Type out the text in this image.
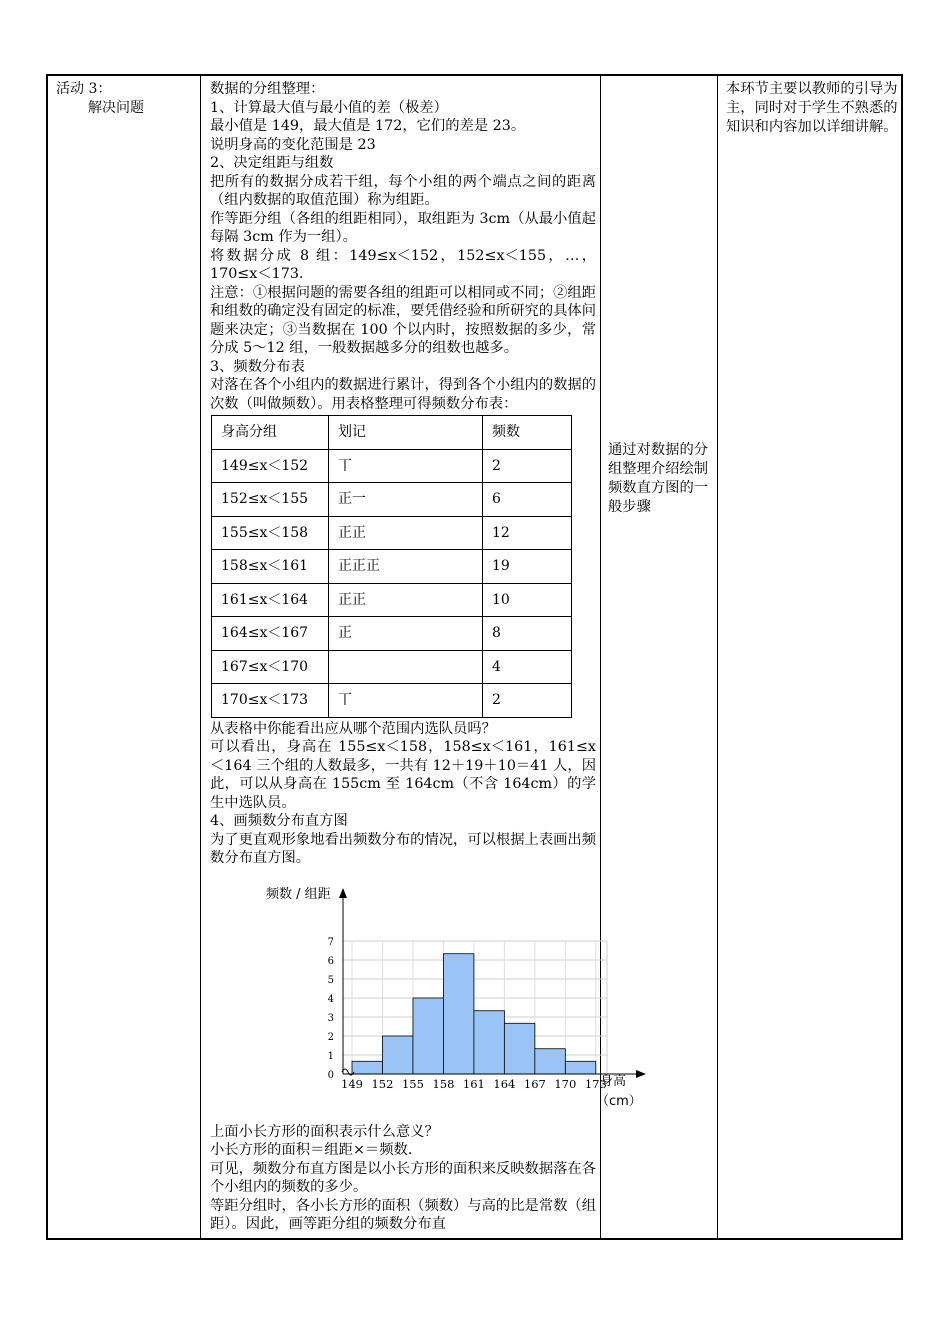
活动 3：
解决问题

数据的分组整理：

1、计算最大值与最小值的差（极差）

最小值是 149，最大值是 172，它们的差是 23。

说明身高的变化范围是 23

2、决定组距与组数

把所有的数据分成若干组，每个小组的两个端点之间的距离（组内数据的取值范围）称为组距。

作等距分组（各组的组距相同），取组距为 3cm（从最小值起每隔 3cm 作为一组）。

将数据分成 8 组：149≤x＜152，152≤x＜155，…，170≤x＜173.

注意：①根据问题的需要各组的组距可以相同或不同；②组距和组数的确定没有固定的标准，要凭借经验和所研究的具体问题来决定；③当数据在 100 个以内时，按照数据的多少，常分成 5～12 组，一般数据越多分的组数也越多。

3、频数分布表

对落在各个小组内的数据进行累计，得到各个小组内的数据的次数（叫做频数）。用表格整理可得频数分布表：

身高分组	划记	频数
149≤x＜152	丅	2
152≤x＜155	正一	6
155≤x＜158	正正	12
158≤x＜161	正正正	19
161≤x＜164	正正	10
164≤x＜167	正	8
167≤x＜170		4
170≤x＜173	丅	2

从表格中你能看出应从哪个范围内选队员吗？

可以看出，身高在 155≤x＜158，158≤x＜161，161≤x＜164 三个组的人数最多，一共有 12＋19＋10＝41 人，因此，可以从身高在 155cm 至 164cm（不含 164cm）的学生中选队员。

4、画频数分布直方图

为了更直观形象地看出频数分布的情况，可以根据上表画出频数分布直方图。

0
1
2
3
4
5
6
7
149 152 155 158 161 164 167 170 173
频数 / 组距
身高
（cm）

上面小长方形的面积表示什么意义？

小长方形的面积＝组距×＝频数.

可见，频数分布直方图是以小长方形的面积来反映数据落在各个小组内的频数的多少。

等距分组时，各小长方形的面积（频数）与高的比是常数（组距）。因此，画等距分组的频数分布直

通过对数据的分组整理介绍绘制频数直方图的一般步骤
本环节主要以教师的引导为主，同时对于学生不熟悉的知识和内容加以详细讲解。
